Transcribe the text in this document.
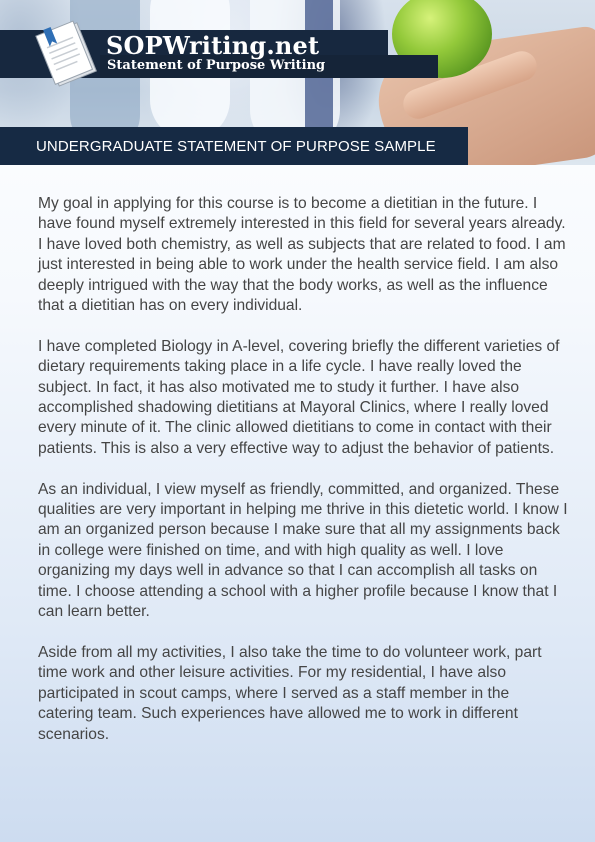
SOPWriting.net
Statement of Purpose Writing
UNDERGRADUATE STATEMENT OF PURPOSE SAMPLE

My goal in applying for this course is to become a dietitian in the future. I have found myself extremely interested in this field for several years already. I have loved both chemistry, as well as subjects that are related to food. I am just interested in being able to work under the health service field. I am also deeply intrigued with the way that the body works, as well as the influence that a dietitian has on every individual.

I have completed Biology in A-level, covering briefly the different varieties of dietary requirements taking place in a life cycle. I have really loved the subject. In fact, it has also motivated me to study it further. I have also accomplished shadowing dietitians at Mayoral Clinics, where I really loved every minute of it. The clinic allowed dietitians to come in contact with their patients. This is also a very effective way to adjust the behavior of patients.

As an individual, I view myself as friendly, committed, and organized. These qualities are very important in helping me thrive in this dietetic world. I know I am an organized person because I make sure that all my assignments back in college were finished on time, and with high quality as well. I love organizing my days well in advance so that I can accomplish all tasks on time. I choose attending a school with a higher profile because I know that I can learn better.

Aside from all my activities, I also take the time to do volunteer work, part time work and other leisure activities. For my residential, I have also participated in scout camps, where I served as a staff member in the catering team. Such experiences have allowed me to work in different scenarios.
